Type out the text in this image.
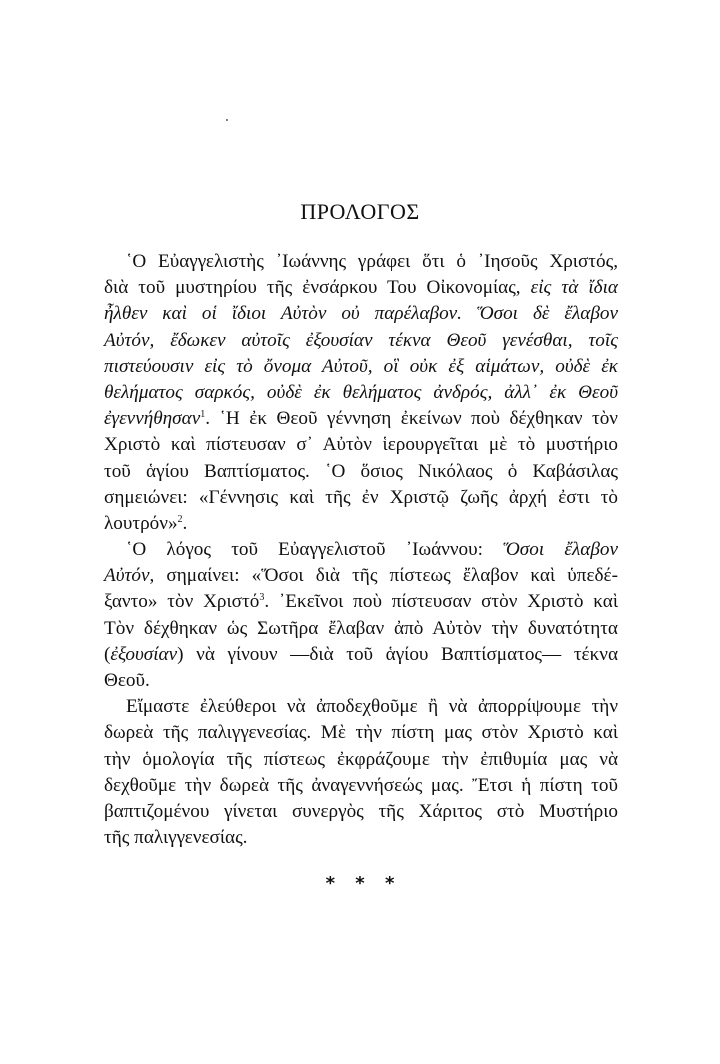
ΠΡΟΛΟΓΟΣ
῾Ο Εὐαγγελιστὴς ᾿Ιωάννης γράφει ὅτι ὁ ᾿Ιησοῦς Χριστός,
διὰ τοῦ μυστηρίου τῆς ἐνσάρκου Του Οἰκονομίας, εἰς τὰ ἴδια
ἦλθεν καὶ οἱ ἴδιοι Αὐτὸν οὐ παρέλαβον. Ὅσοι δὲ ἔλαβον
Αὐτόν, ἔδωκεν αὐτοῖς ἐξουσίαν τέκνα Θεοῦ γενέσθαι, τοῖς
πιστεύουσιν εἰς τὸ ὄνομα Αὐτοῦ, οἳ οὐκ ἐξ αἱμάτων, οὐδὲ ἐκ
θελήματος σαρκός, οὐδὲ ἐκ θελήματος ἀνδρός, ἀλλ᾿ ἐκ Θεοῦ
ἐγεννήθησαν$^1$. ῾Η ἐκ Θεοῦ γέννηση ἐκείνων ποὺ δέχθηκαν τὸν
Χριστὸ καὶ πίστευσαν σ᾿ Αὐτὸν ἱερουργεῖται μὲ τὸ μυστήριο
τοῦ ἁγίου Βαπτίσματος. ῾Ο ὅσιος Νικόλαος ὁ Καβάσιλας
σημειώνει: «Γέννησις καὶ τῆς ἐν Χριστῷ ζωῆς ἀρχή ἐστι τὸ
λουτρόν»$^2$.
῾Ο λόγος τοῦ Εὐαγγελιστοῦ ᾿Ιωάννου: Ὅσοι ἔλαβον
Αὐτόν, σημαίνει: «Ὅσοι διὰ τῆς πίστεως ἔλαβον καὶ ὑπεδέ-
ξαντο» τὸν Χριστό$^3$. ᾿Εκεῖνοι ποὺ πίστευσαν στὸν Χριστὸ καὶ
Τὸν δέχθηκαν ὡς Σωτῆρα ἔλαβαν ἀπὸ Αὐτὸν τὴν δυνατότητα
(ἐξουσίαν) νὰ γίνουν —διὰ τοῦ ἁγίου Βαπτίσματος— τέκνα
Θεοῦ.
Εἴμαστε ἐλεύθεροι νὰ ἀποδεχθοῦμε ἢ νὰ ἀπορρίψουμε τὴν
δωρεὰ τῆς παλιγγενεσίας. Μὲ τὴν πίστη μας στὸν Χριστὸ καὶ
τὴν ὁμολογία τῆς πίστεως ἐκφράζουμε τὴν ἐπιθυμία μας νὰ
δεχθοῦμε τὴν δωρεὰ τῆς ἀναγεννήσεώς μας. Ἔτσι ἡ πίστη τοῦ
βαπτιζομένου γίνεται συνεργὸς τῆς Χάριτος στὸ Μυστήριο
τῆς παλιγγενεσίας.
* * *
